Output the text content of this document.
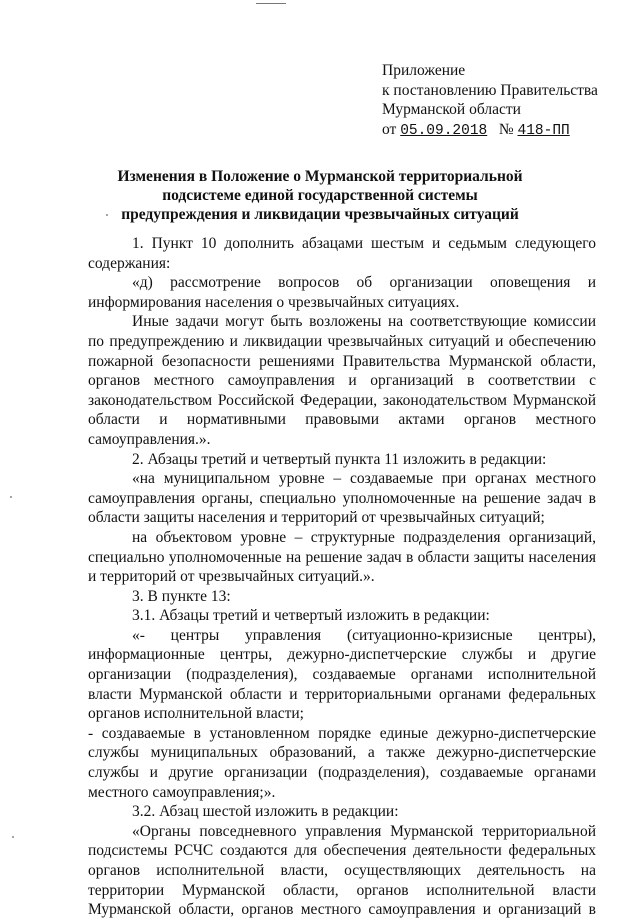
Приложение
к постановлению Правительства
Мурманской области
от 05.09.2018 № 418-ПП
Изменения в Положение о Мурманской территориальной подсистеме единой государственной системы предупреждения и ликвидации чрезвычайных ситуаций

1. Пункт 10 дополнить абзацами шестым и седьмым следующего содержания:

«д) рассмотрение вопросов об организации оповещения и информирования населения о чрезвычайных ситуациях.

Иные задачи могут быть возложены на соответствующие комиссии по предупреждению и ликвидации чрезвычайных ситуаций и обеспечению пожарной безопасности решениями Правительства Мурманской области, органов местного самоуправления и организаций в соответствии с законодательством Российской Федерации, законодательством Мурманской области и нормативными правовыми актами органов местного самоуправления.».

2. Абзацы третий и четвертый пункта 11 изложить в редакции:

«на муниципальном уровне – создаваемые при органах местного самоуправления органы, специально уполномоченные на решение задач в области защиты населения и территорий от чрезвычайных ситуаций;

на объектовом уровне – структурные подразделения организаций, специально уполномоченные на решение задач в области защиты населения и территорий от чрезвычайных ситуаций.».

3. В пункте 13:

3.1. Абзацы третий и четвертый изложить в редакции:

«- центры управления (ситуационно-кризисные центры), информационные центры, дежурно-диспетчерские службы и другие организации (подразделения), создаваемые органами исполнительной власти Мурманской области и территориальными органами федеральных органов исполнительной власти;

- создаваемые в установленном порядке единые дежурно-диспетчерские службы муниципальных образований, а также дежурно-диспетчерские службы и другие организации (подразделения), создаваемые органами местного самоуправления;».

3.2. Абзац шестой изложить в редакции:

«Органы повседневного управления Мурманской территориальной подсистемы РСЧС создаются для обеспечения деятельности федеральных органов исполнительной власти, осуществляющих деятельность на территории Мурманской области, органов исполнительной власти Мурманской области, органов местного самоуправления и организаций в
